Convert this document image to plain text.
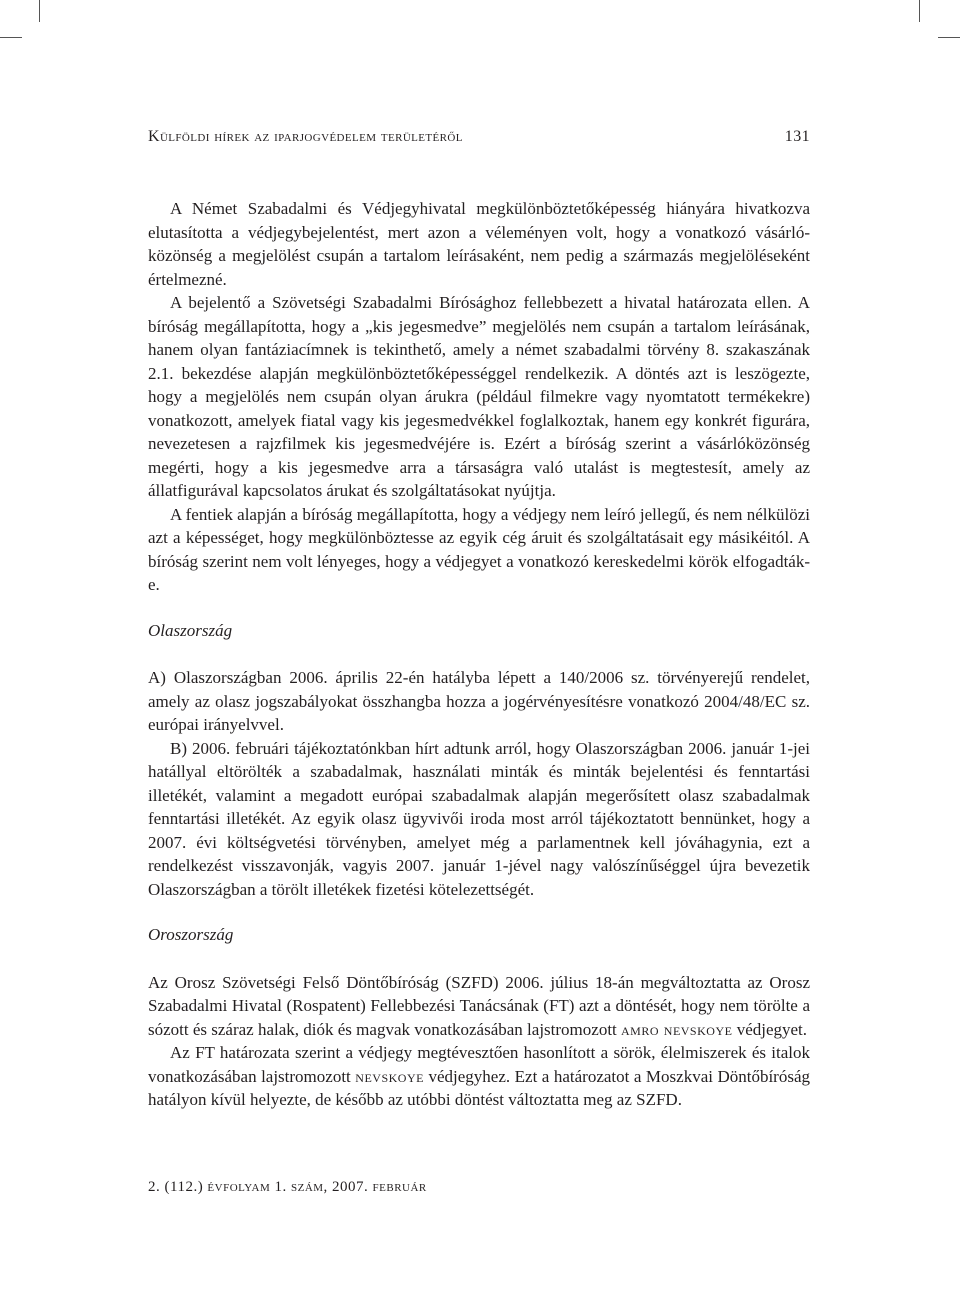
Külföldi hírek az iparjogvédelem területéről	131

A Német Szabadalmi és Védjegyhivatal megkülönböztetőképesség hiányára hivatkozva elutasította a védjegybejelentést, mert azon a véleményen volt, hogy a vonatkozó vásárlóközönség a megjelölést csupán a tartalom leírásaként, nem pedig a származás megjelöléseként értelmezné.

A bejelentő a Szövetségi Szabadalmi Bírósághoz fellebbezett a hivatal határozata ellen. A bíróság megállapította, hogy a „kis jegesmedve” megjelölés nem csupán a tartalom leírásának, hanem olyan fantáziacímnek is tekinthető, amely a német szabadalmi törvény 8. szakaszának 2.1. bekezdése alapján megkülönböztetőképességgel rendelkezik. A döntés azt is leszögezte, hogy a megjelölés nem csupán olyan árukra (például filmekre vagy nyomtatott termékekre) vonatkozott, amelyek fiatal vagy kis jegesmedvékkel foglalkoztak, hanem egy konkrét figurára, nevezetesen a rajzfilmek kis jegesmedvéjére is. Ezért a bíróság szerint a vásárlóközönség megérti, hogy a kis jegesmedve arra a társaságra való utalást is megtestesít, amely az állatfigurával kapcsolatos árukat és szolgáltatásokat nyújtja.

A fentiek alapján a bíróság megállapította, hogy a védjegy nem leíró jellegű, és nem nélkülözi azt a képességet, hogy megkülönböztesse az egyik cég áruit és szolgáltatásait egy másikéitól. A bíróság szerint nem volt lényeges, hogy a védjegyet a vonatkozó kereskedelmi körök elfogadták-e.

Olaszország

A) Olaszországban 2006. április 22-én hatályba lépett a 140/2006 sz. törvényerejű rendelet, amely az olasz jogszabályokat összhangba hozza a jogérvényesítésre vonatkozó 2004/48/EC sz. európai irányelvvel.

B) 2006. februári tájékoztatónkban hírt adtunk arról, hogy Olaszországban 2006. január 1-jei hatállyal eltörölték a szabadalmak, használati minták és minták bejelentési és fenntartási illetékét, valamint a megadott európai szabadalmak alapján megerősített olasz szabadalmak fenntartási illetékét. Az egyik olasz ügyvivői iroda most arról tájékoztatott bennünket, hogy a 2007. évi költségvetési törvényben, amelyet még a parlamentnek kell jóváhagynia, ezt a rendelkezést visszavonják, vagyis 2007. január 1-jével nagy valószínűséggel újra bevezetik Olaszországban a törölt illetékek fizetési kötelezettségét.

Oroszország

Az Orosz Szövetségi Felső Döntőbíróság (SZFD) 2006. július 18-án megváltoztatta az Orosz Szabadalmi Hivatal (Rospatent) Fellebbezési Tanácsának (FT) azt a döntését, hogy nem törölte a sózott és száraz halak, diók és magvak vonatkozásában lajstromozott amro nevskoye védjegyet.

Az FT határozata szerint a védjegy megtévesztően hasonlított a sörök, élelmiszerek és italok vonatkozásában lajstromozott nevskoye védjegyhez. Ezt a határozatot a Moszkvai Döntőbíróság hatályon kívül helyezte, de később az utóbbi döntést változtatta meg az SZFD.

2. (112.) évfolyam 1. szám, 2007. február
